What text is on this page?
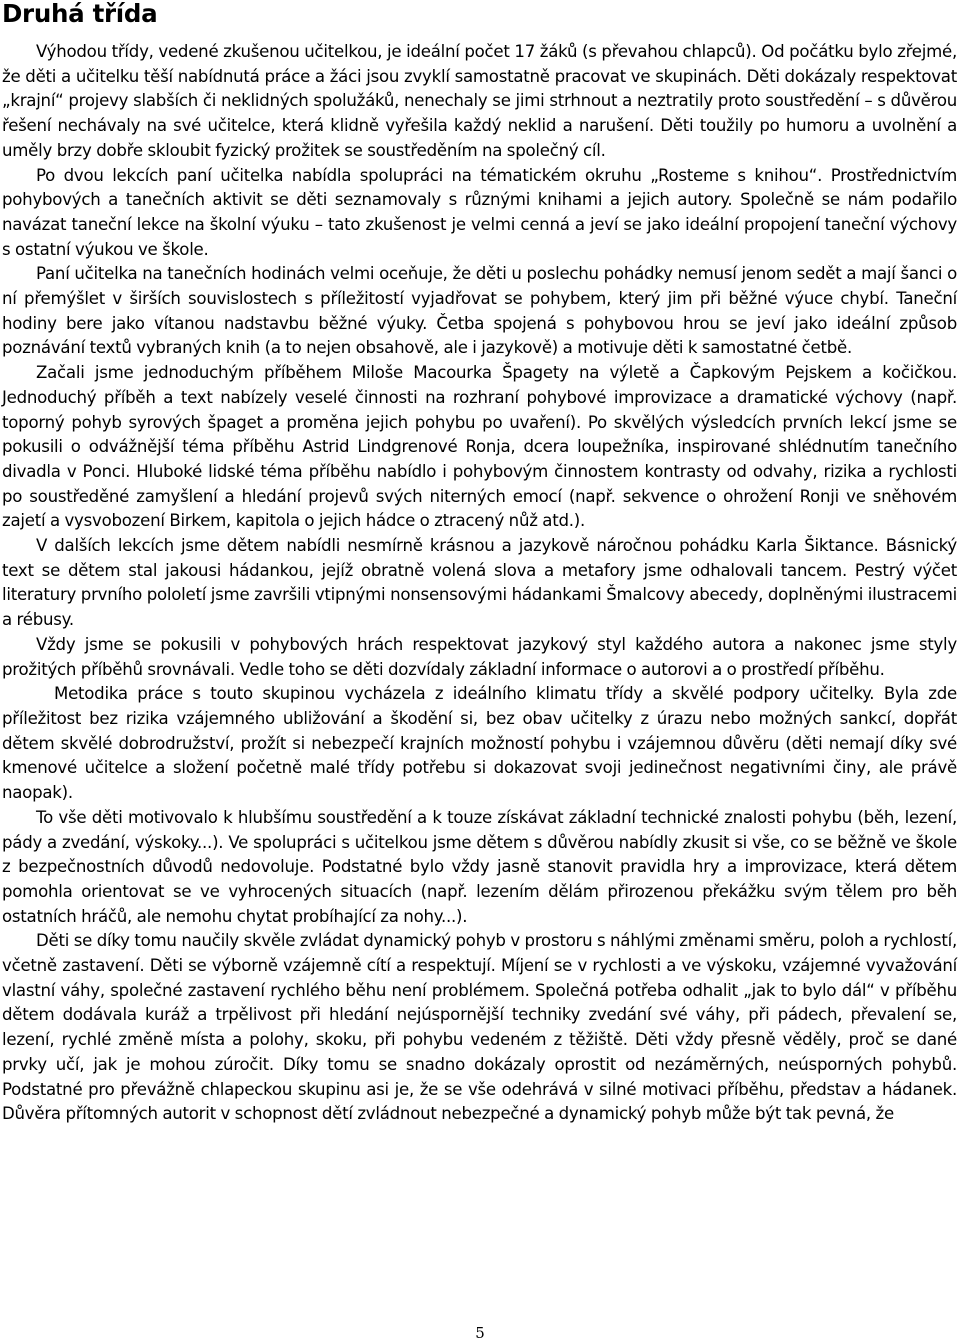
Druhá třída

Výhodou třídy, vedené zkušenou učitelkou, je ideální počet 17 žáků (s převahou chlapců). Od počátku bylo zřejmé, že děti a učitelku těší nabídnutá práce a žáci jsou zvyklí samostatně pracovat ve skupinách. Děti dokázaly respektovat „krajní“ projevy slabších či neklidných spolužáků, nenechaly se jimi strhnout a neztratily proto soustředění – s důvěrou řešení nechávaly na své učitelce, která klidně vyřešila každý neklid a narušení. Děti toužily po humoru a uvolnění a uměly brzy dobře skloubit fyzický prožitek se soustředěním na společný cíl.

Po dvou lekcích paní učitelka nabídla spolupráci na tématickém okruhu „Rosteme s knihou“. Prostřednictvím pohybových a tanečních aktivit se děti seznamovaly s různými knihami a jejich autory. Společně se nám podařilo navázat taneční lekce na školní výuku – tato zkušenost je velmi cenná a jeví se jako ideální propojení taneční výchovy s ostatní výukou ve škole.

Paní učitelka na tanečních hodinách velmi oceňuje, že děti u poslechu pohádky nemusí jenom sedět a mají šanci o ní přemýšlet v širších souvislostech s příležitostí vyjadřovat se pohybem, který jim při běžné výuce chybí. Taneční hodiny bere jako vítanou nadstavbu běžné výuky. Četba spojená s pohybovou hrou se jeví jako ideální způsob poznávání textů vybraných knih (a to nejen obsahově, ale i jazykově) a motivuje děti k samostatné četbě.

Začali jsme jednoduchým příběhem Miloše Macourka Špagety na výletě a Čapkovým Pejskem a kočičkou. Jednoduchý příběh a text nabízely veselé činnosti na rozhraní pohybové improvizace a dramatické výchovy (např. toporný pohyb syrových špaget a proměna jejich pohybu po uvaření). Po skvělých výsledcích prvních lekcí jsme se pokusili o odvážnější téma příběhu Astrid Lindgrenové Ronja, dcera loupežníka, inspirované shlédnutím tanečního divadla v Ponci. Hluboké lidské téma příběhu nabídlo i pohybovým činnostem kontrasty od odvahy, rizika a rychlosti po soustředěné zamyšlení a hledání projevů svých niterných emocí (např. sekvence o ohrožení Ronji ve sněhovém zajetí a vysvobození Birkem, kapitola o jejich hádce o ztracený nůž atd.).

V dalších lekcích jsme dětem nabídli nesmírně krásnou a jazykově náročnou pohádku Karla Šiktance. Básnický text se dětem stal jakousi hádankou, jejíž obratně volená slova a metafory jsme odhalovali tancem. Pestrý výčet literatury prvního pololetí jsme završili vtipnými nonsensovými hádankami Šmalcovy abecedy, doplněnými ilustracemi a rébusy.

Vždy jsme se pokusili v pohybových hrách respektovat jazykový styl každého autora a nakonec jsme styly prožitých příběhů srovnávali. Vedle toho se děti dozvídaly základní informace o autorovi a o prostředí příběhu.

Metodika práce s touto skupinou vycházela z ideálního klimatu třídy a skvělé podpory učitelky. Byla zde příležitost bez rizika vzájemného ubližování a škodění si, bez obav učitelky z úrazu nebo možných sankcí, dopřát dětem skvělé dobrodružství, prožít si nebezpečí krajních možností pohybu i vzájemnou důvěru (děti nemají díky své kmenové učitelce a složení početně malé třídy potřebu si dokazovat svoji jedinečnost negativními činy, ale právě naopak).

To vše děti motivovalo k hlubšímu soustředění a k touze získávat základní technické znalosti pohybu (běh, lezení, pády a zvedání, výskoky...). Ve spolupráci s učitelkou jsme dětem s důvěrou nabídly zkusit si vše, co se běžně ve škole z bezpečnostních důvodů nedovoluje. Podstatné bylo vždy jasně stanovit pravidla hry a improvizace, která dětem pomohla orientovat se ve vyhrocených situacích (např. lezením dělám přirozenou překážku svým tělem pro běh ostatních hráčů, ale nemohu chytat probíhající za nohy...).

Děti se díky tomu naučily skvěle zvládat dynamický pohyb v prostoru s náhlými změnami směru, poloh a rychlostí, včetně zastavení. Děti se výborně vzájemně cítí a respektují. Míjení se v rychlosti a ve výskoku, vzájemné vyvažování vlastní váhy, společné zastavení rychlého běhu není problémem. Společná potřeba odhalit „jak to bylo dál“ v příběhu dětem dodávala kuráž a trpělivost při hledání nejúspornější techniky zvedání své váhy, při pádech, převalení se, lezení, rychlé změně místa a polohy, skoku, při pohybu vedeném z těžiště. Děti vždy přesně věděly, proč se dané prvky učí, jak je mohou zúročit. Díky tomu se snadno dokázaly oprostit od nezáměrných, neúsporných pohybů. Podstatné pro převážně chlapeckou skupinu asi je, že se vše odehrává v silné motivaci příběhu, představ a hádanek. Důvěra přítomných autorit v schopnost dětí zvládnout nebezpečné a dynamický pohyb může být tak pevná, že

5
